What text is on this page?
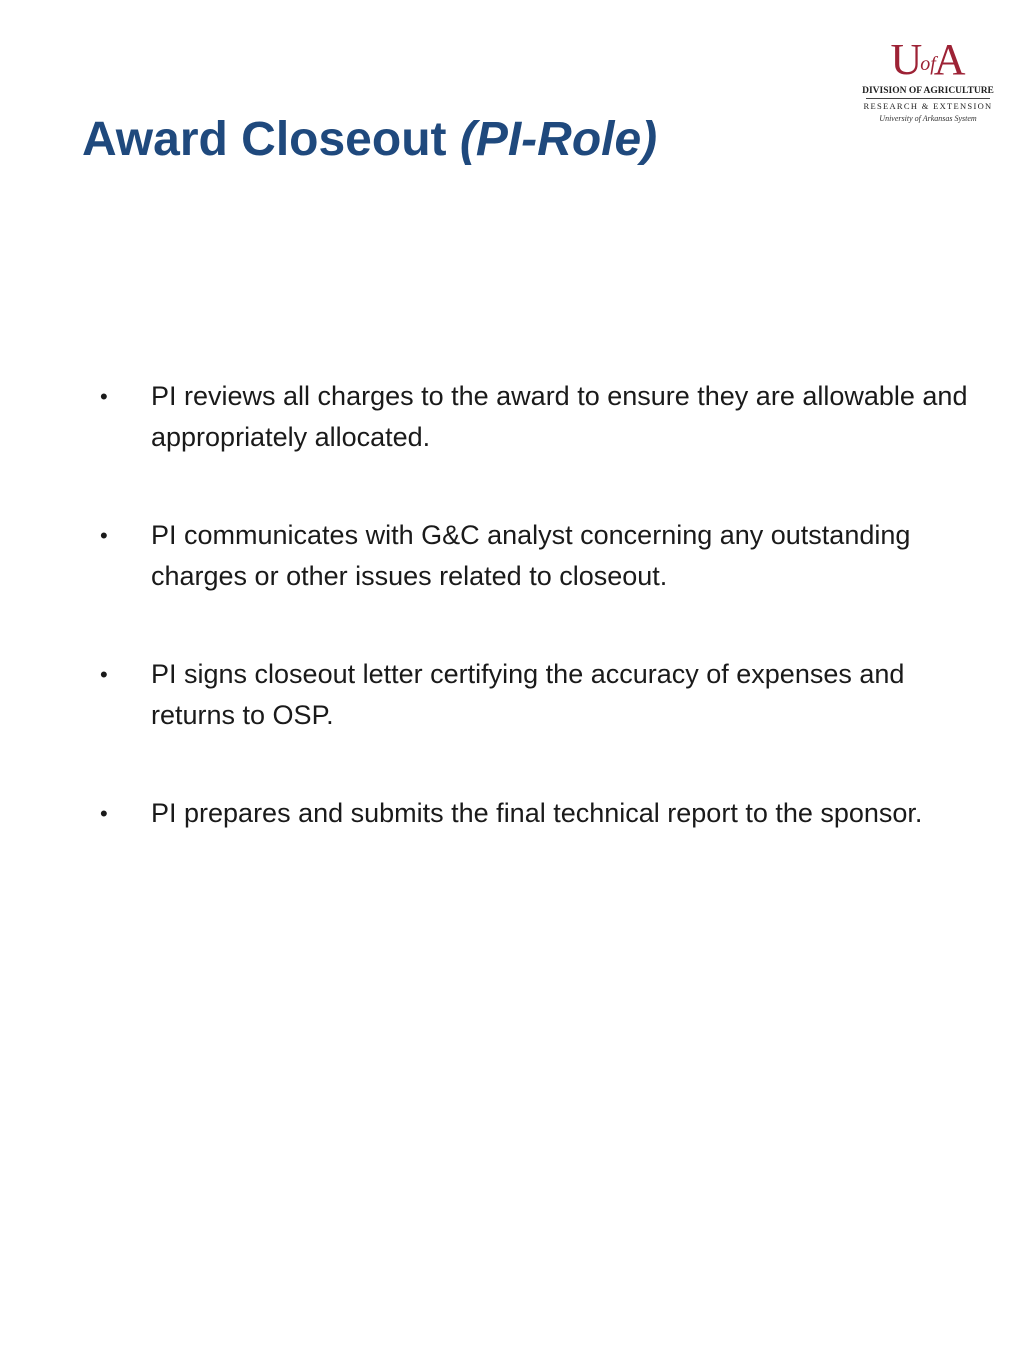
UofA
DIVISION OF AGRICULTURE
RESEARCH & EXTENSION
University of Arkansas System
Award Closeout (PI-Role)
• PI reviews all charges to the award to ensure they are allowable and appropriately allocated.
• PI communicates with G&C analyst concerning any outstanding charges or other issues related to closeout.
• PI signs closeout letter certifying the accuracy of expenses and returns to OSP.
• PI prepares and submits the final technical report to the sponsor.
